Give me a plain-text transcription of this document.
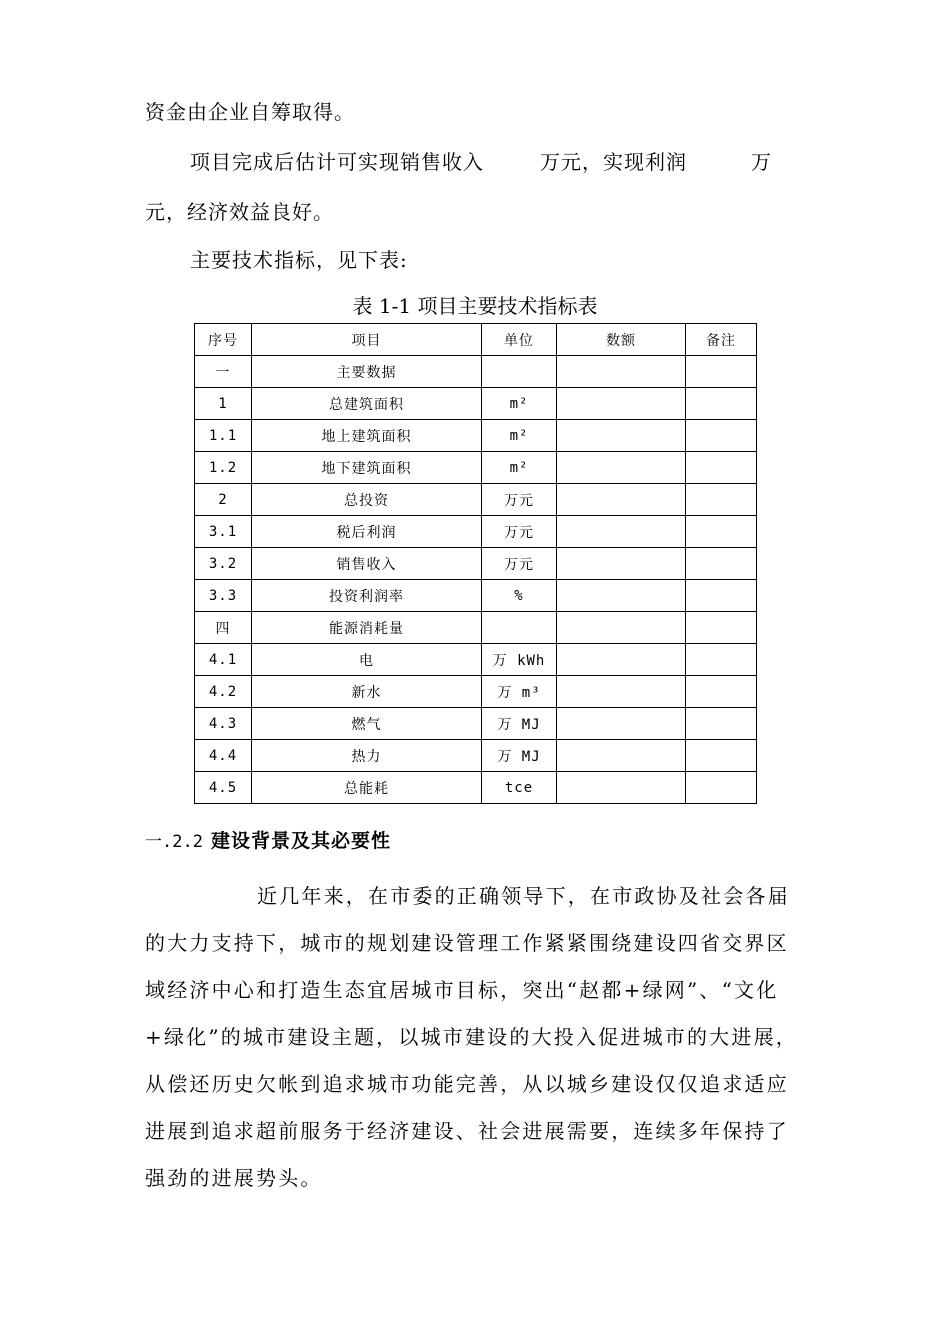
资金由企业自筹取得。
项目完成后估计可实现销售收入	万元，实现利润	万
元，经济效益良好。
主要技术指标，见下表:
表 1-1 项目主要技术指标表
序号	项目	单位	数额	备注
一	主要数据			
1	总建筑面积	m²		
1.1	地上建筑面积	m²		
1.2	地下建筑面积	m²		
2	总投资	万元		
3.1	税后利润	万元		
3.2	销售收入	万元		
3.3	投资利润率	%		
四	能源消耗量			
4.1	电	万 kWh		
4.2	新水	万 m³		
4.3	燃气	万 MJ		
4.4	热力	万 MJ		
4.5	总能耗	tce		
一.2.2 建设背景及其必要性
近几年来，在市委的正确领导下，在市政协及社会各届
的大力支持下，城市的规划建设管理工作紧紧围绕建设四省交界区
域经济中心和打造生态宜居城市目标，突出“赵都+绿网”、“文化
+绿化”的城市建设主题，以城市建设的大投入促进城市的大进展，
从偿还历史欠帐到追求城市功能完善，从以城乡建设仅仅追求适应
进展到追求超前服务于经济建设、社会进展需要，连续多年保持了
强劲的进展势头。
